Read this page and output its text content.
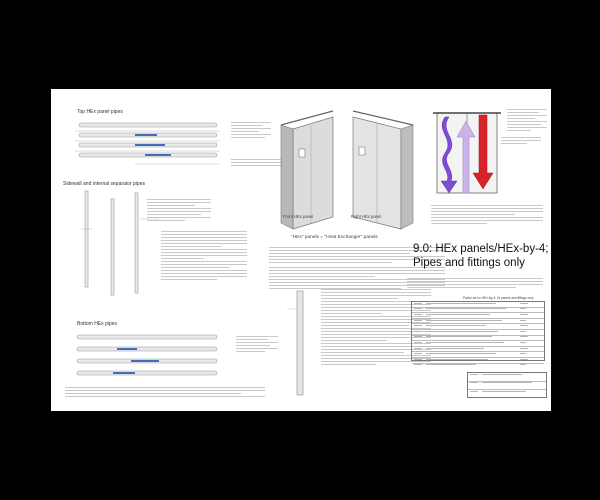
Top HEx panel pipes
Sidewall and internal separator pipes
Bottom HEx pipes
Front HEx panel	Right HEx panel
"HEx" panels = "Heat Exchanger" panels
9.0: HEx panels/HEx-by-4;
Pipes and fittings only
Parts List for HEx-by-4: 2x panels and fittings only
